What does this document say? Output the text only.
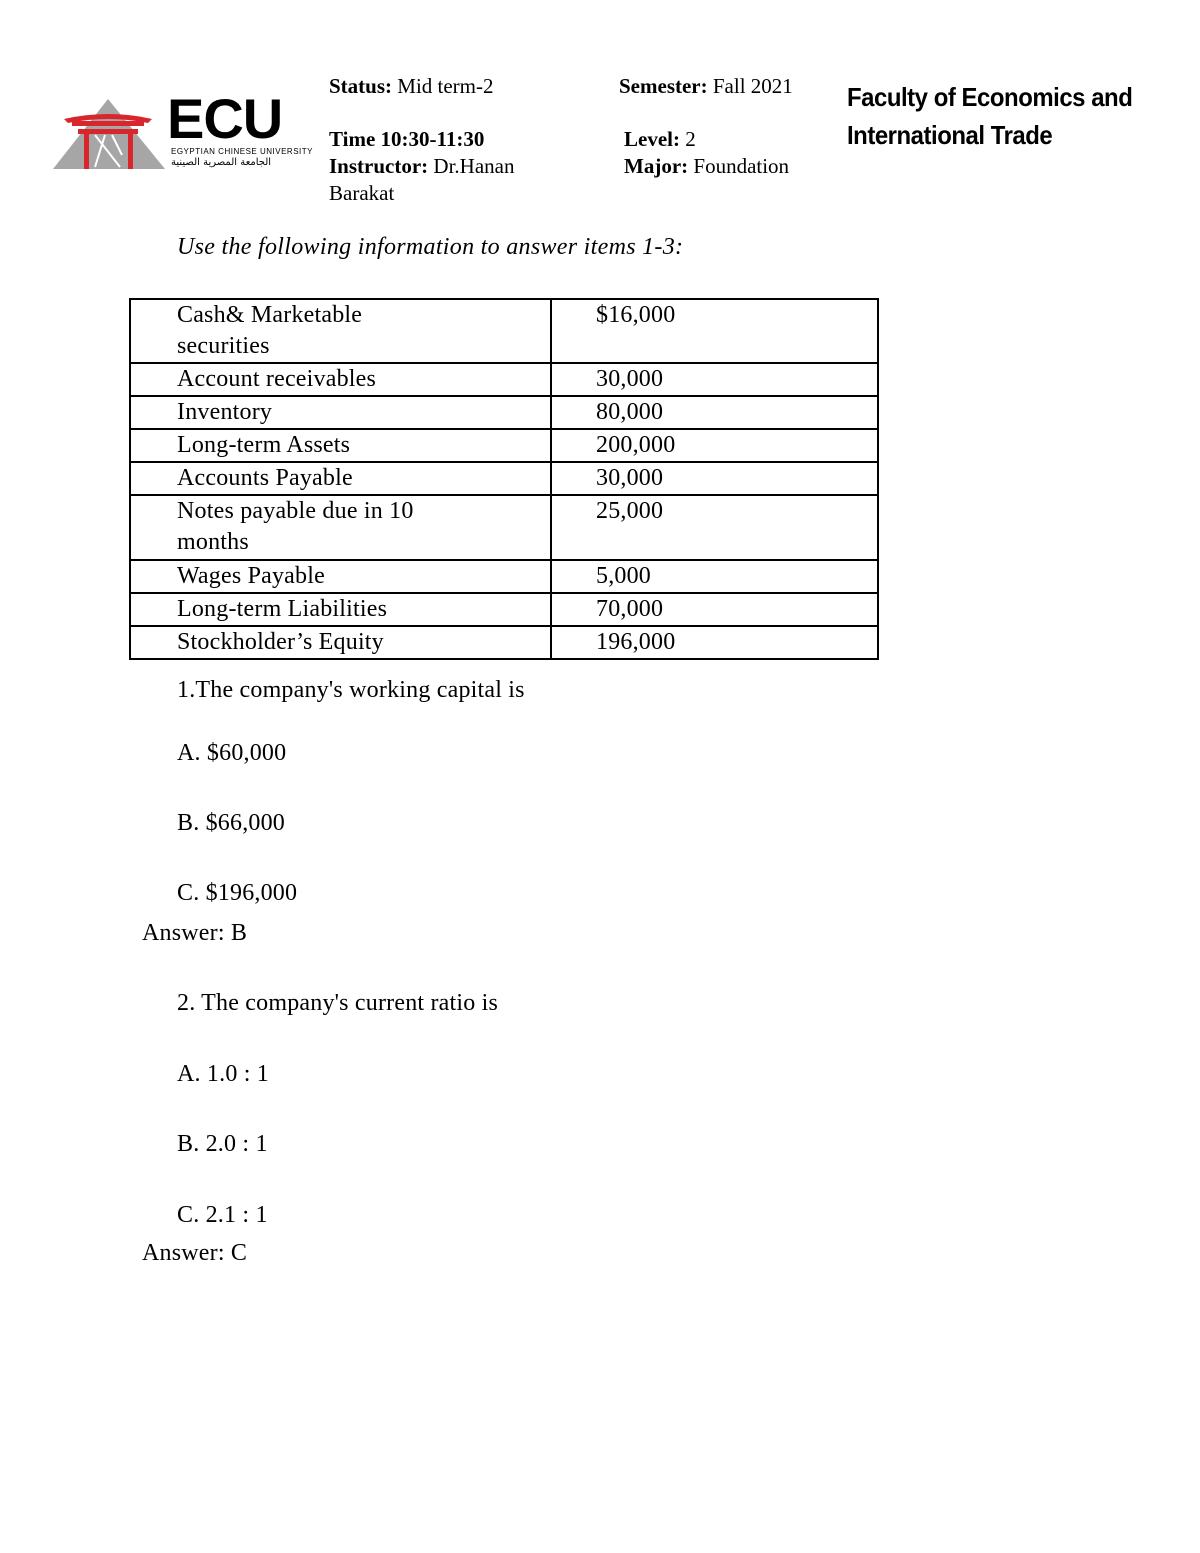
ECU
EGYPTIAN CHINESE UNIVERSITY
الجامعة المصرية الصينية
Status: Mid term-2
Time 10:30-11:30
Instructor: Dr.Hanan
Barakat
Semester: Fall 2021
Level: 2
Major: Foundation
Faculty of Economics and
International Trade
Use the following information to answer items 1-3:
Cash& Marketable securities	$16,000
Account receivables	30,000
Inventory	80,000
Long-term Assets	200,000
Accounts Payable	30,000

Notes payable due in 10 months	25,000
Wages Payable	5,000
Long-term Liabilities	70,000
Stockholder’s Equity	196,000
1.The company's working capital is
A. $60,000
B. $66,000
C. $196,000
Answer: B
2. The company's current ratio is
A. 1.0 : 1
B. 2.0 : 1
C. 2.1 : 1
Answer: C
